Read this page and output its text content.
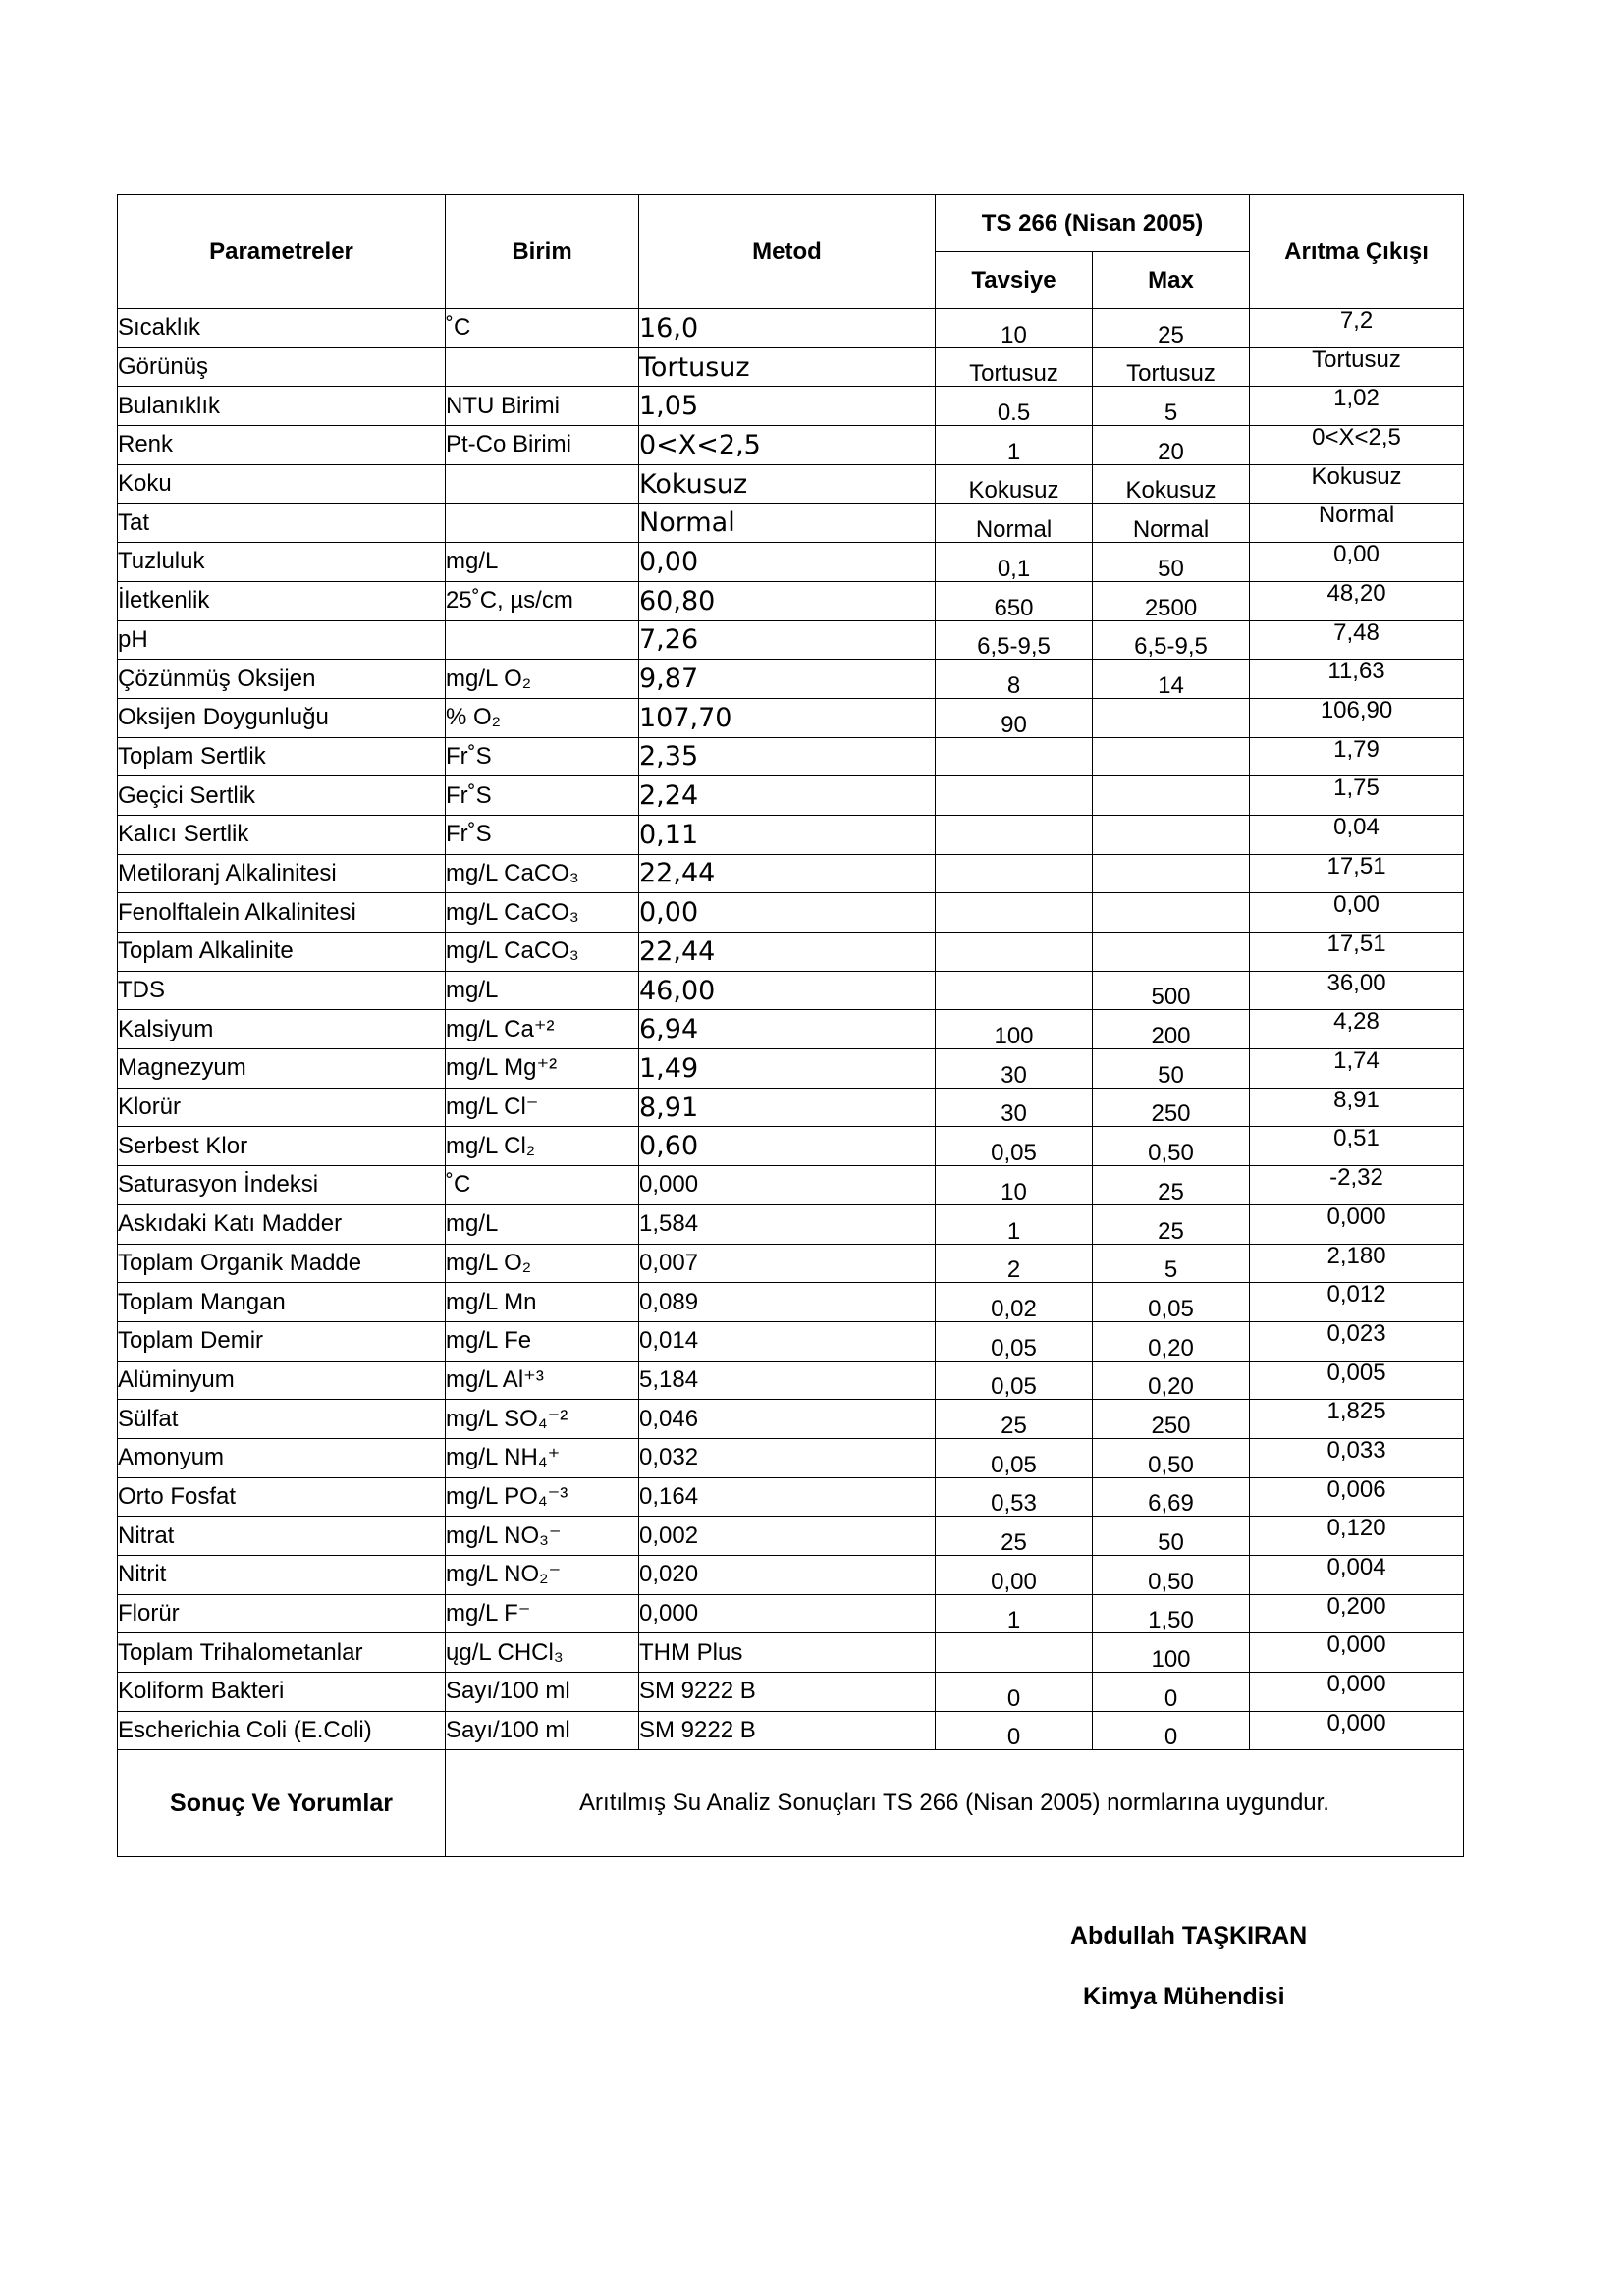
Parametreler	Birim	Metod	TS 266 (Nisan 2005)		Arıtma Çıkışı
			Tavsiye	Max	
Sıcaklık	˚C	16,0	10	25	7,2
Görünüş		Tortusuz	Tortusuz	Tortusuz	Tortusuz
Bulanıklık	NTU Birimi	1,05	0.5	5	1,02
Renk	Pt-Co Birimi	0<X<2,5	1	20	0<X<2,5
Koku		Kokusuz	Kokusuz	Kokusuz	Kokusuz
Tat		Normal	Normal	Normal	Normal
Tuzluluk	mg/L	0,00	0,1	50	0,00
İletkenlik	25˚C, µs/cm	60,80	650	2500	48,20
pH		7,26	6,5-9,5	6,5-9,5	7,48
Çözünmüş Oksijen	mg/L O₂	9,87	8	14	11,63
Oksijen Doygunluğu	% O₂	107,70	90		106,90
Toplam Sertlik	Fr˚S	2,35			1,79
Geçici Sertlik	Fr˚S	2,24			1,75
Kalıcı Sertlik	Fr˚S	0,11			0,04
Metiloranj Alkalinitesi	mg/L CaCO₃	22,44			17,51
Fenolftalein Alkalinitesi	mg/L CaCO₃	0,00			0,00
Toplam Alkalinite	mg/L CaCO₃	22,44			17,51
TDS	mg/L	46,00		500	36,00
Kalsiyum	mg/L Ca⁺²	6,94	100	200	4,28
Magnezyum	mg/L Mg⁺²	1,49	30	50	1,74
Klorür	mg/L Cl⁻	8,91	30	250	8,91
Serbest Klor	mg/L Cl₂	0,60	0,05	0,50	0,51
Saturasyon İndeksi	˚C	0,000	10	25	-2,32
Askıdaki Katı Madder	mg/L	1,584	1	25	0,000
Toplam Organik Madde	mg/L O₂	0,007	2	5	2,180
Toplam Mangan	mg/L Mn	0,089	0,02	0,05	0,012
Toplam Demir	mg/L Fe	0,014	0,05	0,20	0,023
Alüminyum	mg/L Al⁺³	5,184	0,05	0,20	0,005
Sülfat	mg/L SO₄⁻²	0,046	25	250	1,825
Amonyum	mg/L NH₄⁺	0,032	0,05	0,50	0,033
Orto Fosfat	mg/L PO₄⁻³	0,164	0,53	6,69	0,006
Nitrat	mg/L NO₃⁻	0,002	25	50	0,120
Nitrit	mg/L NO₂⁻	0,020	0,00	0,50	0,004
Florür	mg/L F⁻	0,000	1	1,50	0,200
Toplam Trihalometanlar	ųg/L CHCl₃	THM Plus		100	0,000
Koliform Bakteri	Sayı/100 ml	SM 9222 B	0	0	0,000
Escherichia Coli (E.Coli)	Sayı/100 ml	SM 9222 B	0	0	0,000
Sonuç Ve Yorumlar	Arıtılmış Su Analiz Sonuçları TS 266 (Nisan 2005) normlarına uygundur.				
Abdullah TAŞKIRAN
Kimya Mühendisi
